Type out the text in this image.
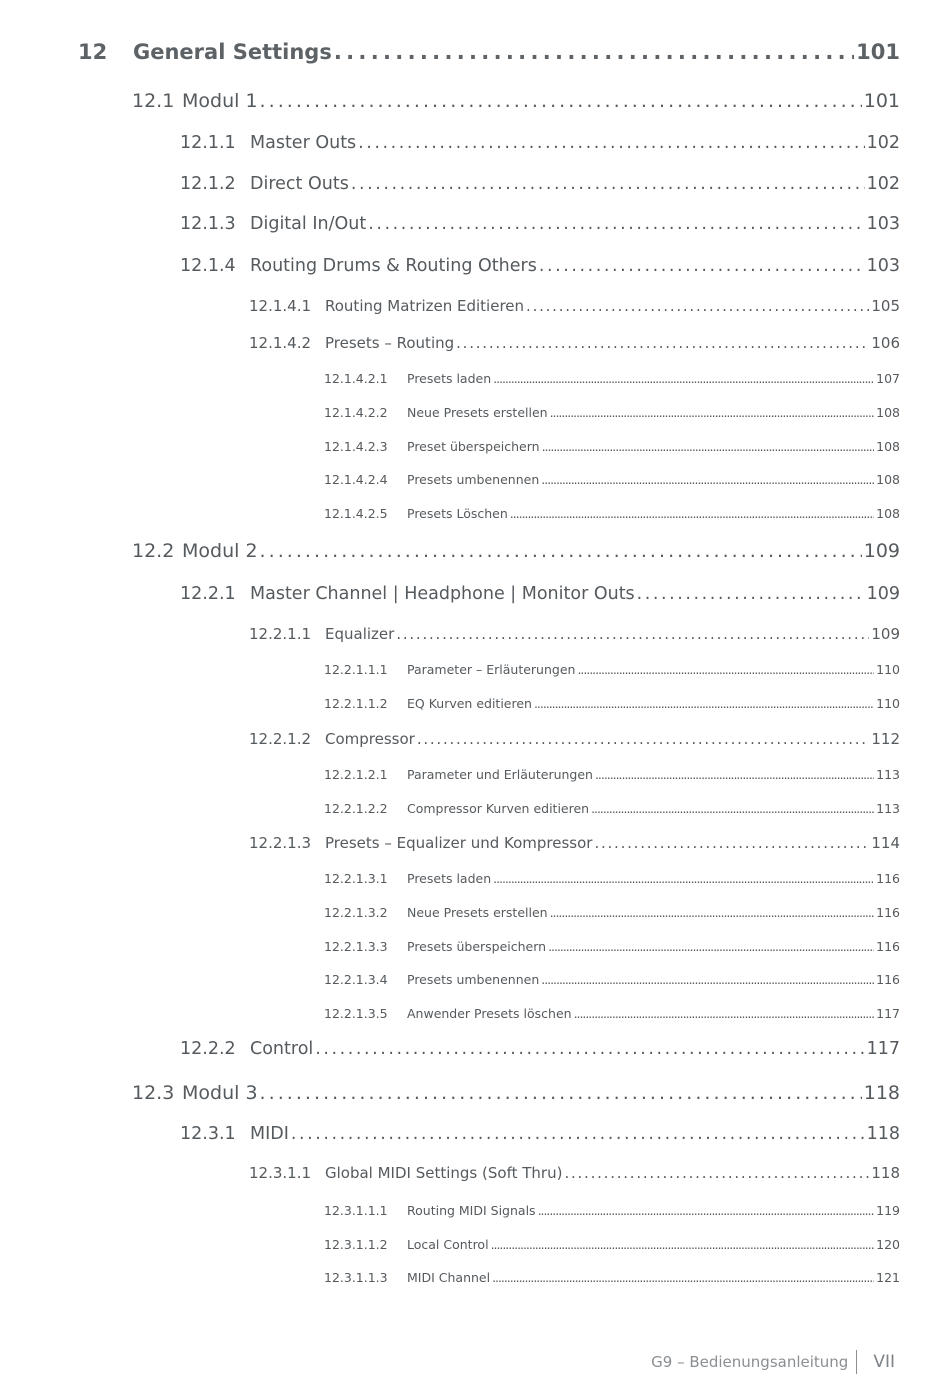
12	General Settings . . .	101
12.1 Modul 1 . . .	101
12.1.1 Master Outs . . .	102
12.1.2 Direct Outs . . .	102
12.1.3 Digital In/Out . . .	103
12.1.4 Routing Drums & Routing Others . . .	103
12.1.4.1 Routing Matrizen Editieren . . .	105
12.1.4.2 Presets – Routing . . .	106
12.1.4.2.1	Presets laden . . .	107
12.1.4.2.2	Neue Presets erstellen . . .	108
12.1.4.2.3	Preset überspeichern . . .	108
12.1.4.2.4	Presets umbenennen . . .	108
12.1.4.2.5	Presets Löschen . . .	108
12.2 Modul 2 . . .	109
12.2.1 Master Channel | Headphone | Monitor Outs . . .	109
12.2.1.1 Equalizer . . .	109
12.2.1.1.1	Parameter – Erläuterungen . . .	110
12.2.1.1.2	EQ Kurven editieren . . .	110
12.2.1.2 Compressor . . .	112
12.2.1.2.1	Parameter und Erläuterungen . . .	113
12.2.1.2.2	Compressor Kurven editieren . . .	113
12.2.1.3 Presets – Equalizer und Kompressor . . .	114
12.2.1.3.1	Presets laden . . .	116
12.2.1.3.2	Neue Presets erstellen . . .	116
12.2.1.3.3	Presets überspeichern . . .	116
12.2.1.3.4	Presets umbenennen . . .	116
12.2.1.3.5	Anwender Presets löschen . . .	117
12.2.2 Control . . .	117
12.3 Modul 3 . . .	118
12.3.1 MIDI . . .	118
12.3.1.1 Global MIDI Settings (Soft Thru) . . .	118
12.3.1.1.1	Routing MIDI Signals . . .	119
12.3.1.1.2	Local Control . . .	120
12.3.1.1.3	MIDI Channel . . .	121
G9 – Bedienungsanleitung VII
